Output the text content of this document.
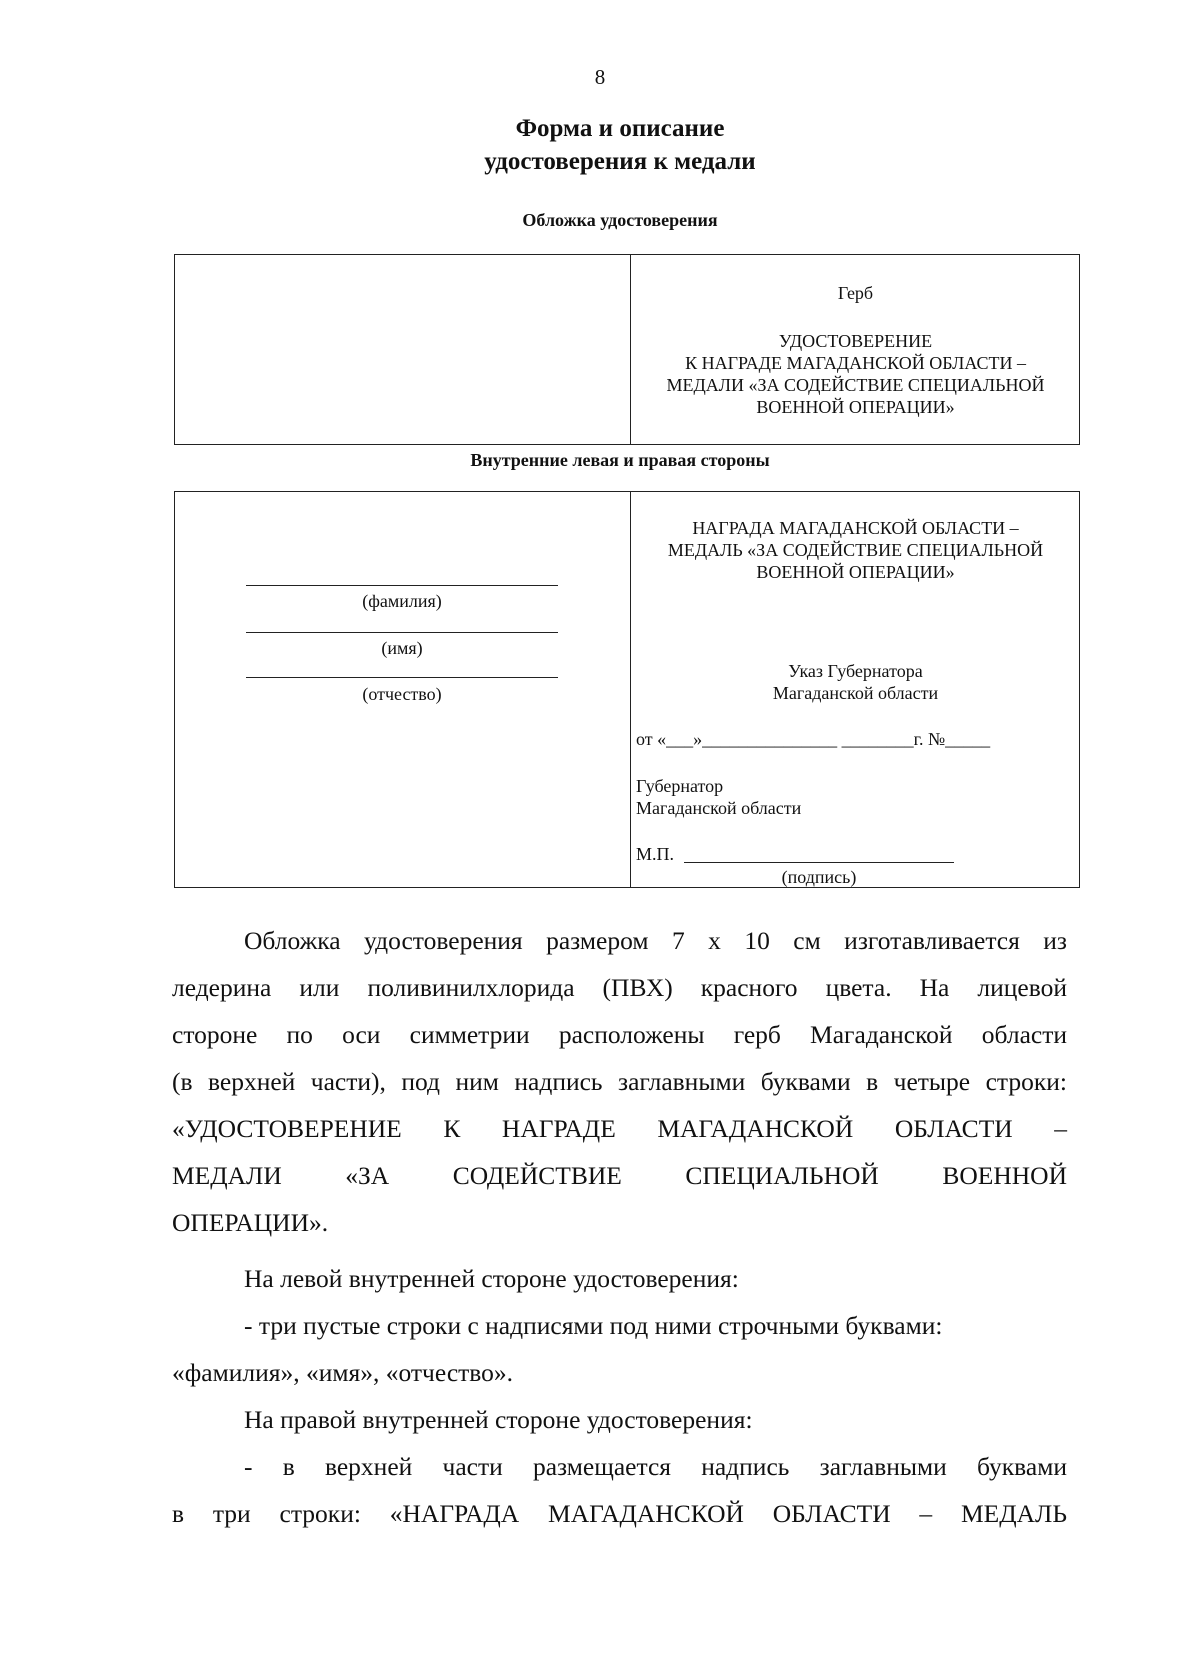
8
Форма и описание
удостоверения к медали
Обложка удостоверения
Герб
УДОСТОВЕРЕНИЕ
К НАГРАДЕ МАГАДАНСКОЙ ОБЛАСТИ –
МЕДАЛИ «ЗА СОДЕЙСТВИЕ СПЕЦИАЛЬНОЙ
ВОЕННОЙ ОПЕРАЦИИ»
Внутренние левая и правая стороны
(фамилия)
(имя)
(отчество)
НАГРАДА МАГАДАНСКОЙ ОБЛАСТИ –
МЕДАЛЬ «ЗА СОДЕЙСТВИЕ СПЕЦИАЛЬНОЙ
ВОЕННОЙ ОПЕРАЦИИ»
Указ Губернатора
Магаданской области
от «___»_______________ ________г. №_____
Губернатор
Магаданской области
М.П.
(подпись)
Обложка удостоверения размером 7 х 10 см изготавливается из
ледерина или поливинилхлорида (ПВХ) красного цвета. На лицевой
стороне по оси симметрии расположены герб Магаданской области
(в верхней части), под ним надпись заглавными буквами в четыре строки:
«УДОСТОВЕРЕНИЕ К НАГРАДЕ МАГАДАНСКОЙ ОБЛАСТИ –
МЕДАЛИ «ЗА СОДЕЙСТВИЕ СПЕЦИАЛЬНОЙ ВОЕННОЙ
ОПЕРАЦИИ».
На левой внутренней стороне удостоверения:
- три пустые строки с надписями под ними строчными буквами:
«фамилия», «имя», «отчество».
На правой внутренней стороне удостоверения:
- в верхней части размещается надпись заглавными буквами
в три строки: «НАГРАДА МАГАДАНСКОЙ ОБЛАСТИ – МЕДАЛЬ
